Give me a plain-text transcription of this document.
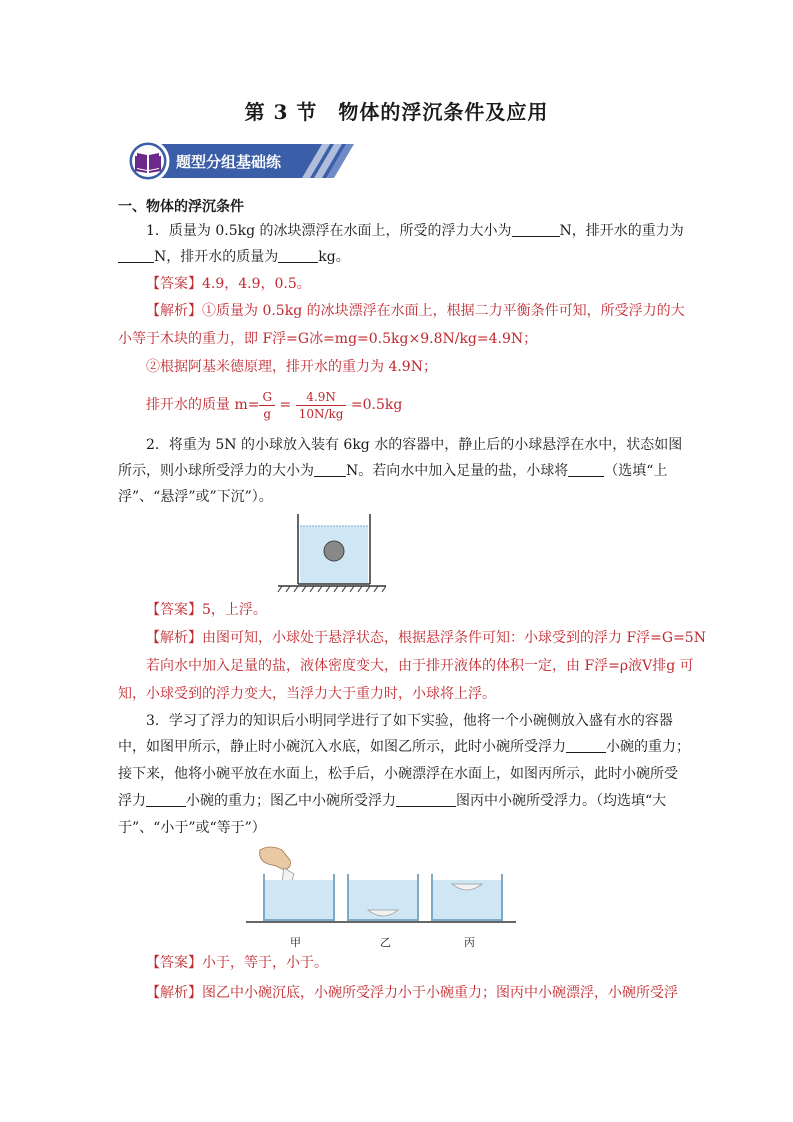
第 3 节　物体的浮沉条件及应用
题型分组基础练
一、物体的浮沉条件
1．质量为 0.5kg 的冰块漂浮在水面上，所受的浮力大小为	N，排开水的重力为
N，排开水的质量为	kg。
【答案】4.9，4.9，0.5。
【解析】①质量为 0.5kg 的冰块漂浮在水面上，根据二力平衡条件可知，所受浮力的大
小等于木块的重力，即 F浮=G冰=mg=0.5kg×9.8N/kg=4.9N；
②根据阿基米德原理，排开水的重力为 4.9N；
排开水的质量 $m= \frac{G}{g} = \frac{4.9N}{10N/kg} =0.5kg$
2．将重为 5N 的小球放入装有 6kg 水的容器中，静止后的小球悬浮在水中，状态如图
所示，则小球所受浮力的大小为 N。若向水中加入足量的盐，小球将	（选填“上
浮”、“悬浮”或”下沉”）。
【答案】5，上浮。
【解析】由图可知，小球处于悬浮状态，根据悬浮条件可知：小球受到的浮力 F浮=G=5N
若向水中加入足量的盐，液体密度变大，由于排开液体的体积一定，由 F浮=ρ液V排g 可
知，小球受到的浮力变大，当浮力大于重力时，小球将上浮。
3．学习了浮力的知识后小明同学进行了如下实验，他将一个小碗侧放入盛有水的容器
中，如图甲所示，静止时小碗沉入水底，如图乙所示，此时小碗所受浮力	小碗的重力；
接下来，他将小碗平放在水面上，松手后，小碗漂浮在水面上，如图丙所示，此时小碗所受
浮力	小碗的重力；图乙中小碗所受浮力	图丙中小碗所受浮力。（均选填“大
于”、“小于”或“等于”）
甲	乙	丙
【答案】小于，等于，小于。
【解析】图乙中小碗沉底，小碗所受浮力小于小碗重力；图丙中小碗漂浮，小碗所受浮
